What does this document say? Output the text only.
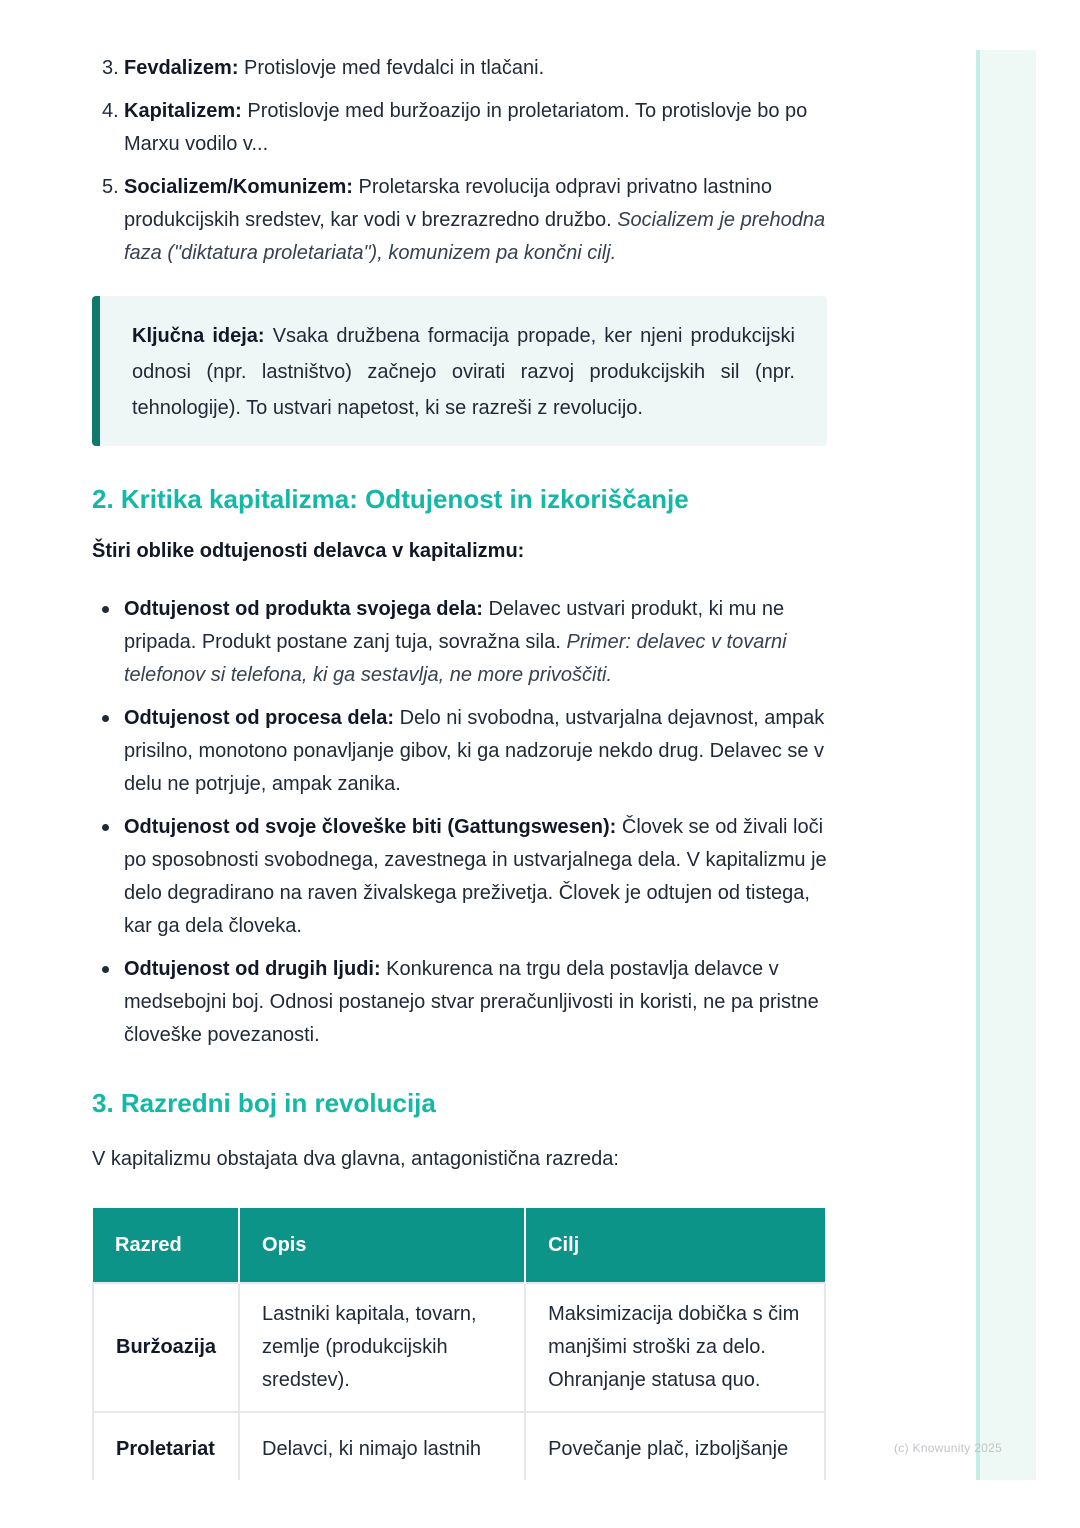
3. Fevdalizem: Protislovje med fevdalci in tlačani.
4. Kapitalizem: Protislovje med buržoazijo in proletariatom. To protislovje bo po Marxu vodilo v...
5. Socializem/Komunizem: Proletarska revolucija odpravi privatno lastnino produkcijskih sredstev, kar vodi v brezrazredno družbo. Socializem je prehodna faza ("diktatura proletariata"), komunizem pa končni cilj.
Ključna ideja: Vsaka družbena formacija propade, ker njeni produkcijski odnosi (npr. lastništvo) začnejo ovirati razvoj produkcijskih sil (npr. tehnologije). To ustvari napetost, ki se razreši z revolucijo.
2. Kritika kapitalizma: Odtujenost in izkoriščanje

Štiri oblike odtujenosti delavca v kapitalizmu:

Odtujenost od produkta svojega dela: Delavec ustvari produkt, ki mu ne pripada. Produkt postane zanj tuja, sovražna sila. Primer: delavec v tovarni telefonov si telefona, ki ga sestavlja, ne more privoščiti.
Odtujenost od procesa dela: Delo ni svobodna, ustvarjalna dejavnost, ampak prisilno, monotono ponavljanje gibov, ki ga nadzoruje nekdo drug. Delavec se v delu ne potrjuje, ampak zanika.
Odtujenost od svoje človeške biti (Gattungswesen): Človek se od živali loči po sposobnosti svobodnega, zavestnega in ustvarjalnega dela. V kapitalizmu je delo degradirano na raven živalskega preživetja. Človek je odtujen od tistega, kar ga dela človeka.
Odtujenost od drugih ljudi: Konkurenca na trgu dela postavlja delavce v medsebojni boj. Odnosi postanejo stvar preračunljivosti in koristi, ne pa pristne človeške povezanosti.
3. Razredni boj in revolucija

V kapitalizmu obstajata dva glavna, antagonistična razreda:

Razred	Opis	Cilj
Buržoazija	Lastniki kapitala, tovarn, zemlje (produkcijskih sredstev).	Maksimizacija dobička s čim manjšimi stroški za delo. Ohranjanje statusa quo.
Proletariat	Delavci, ki nimajo lastnih	Povečanje plač, izboljšanje	(c) Knowunity 2025
